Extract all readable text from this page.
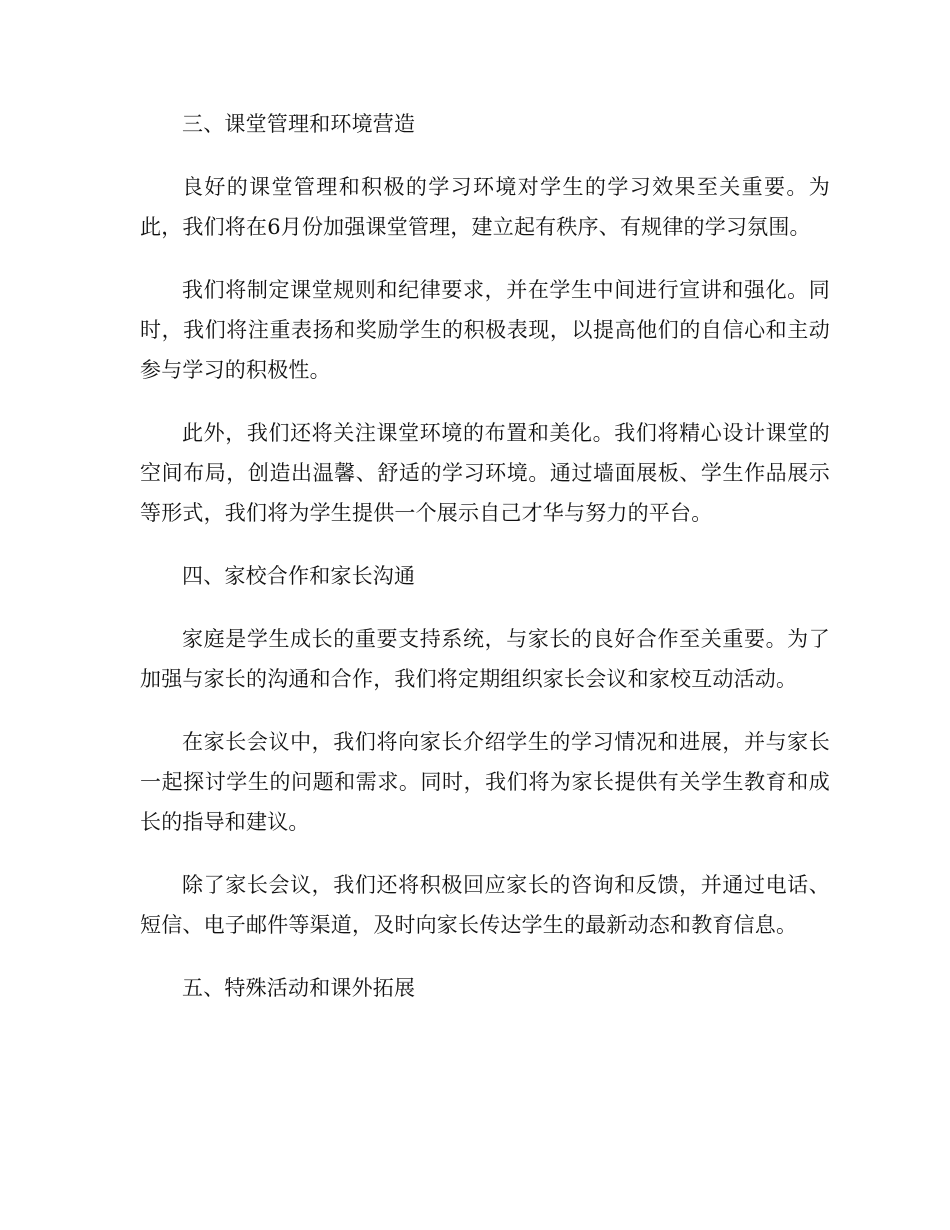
三、课堂管理和环境营造

良好的课堂管理和积极的学习环境对学生的学习效果至关重要。为此，我们将在6月份加强课堂管理，建立起有秩序、有规律的学习氛围。

我们将制定课堂规则和纪律要求，并在学生中间进行宣讲和强化。同时，我们将注重表扬和奖励学生的积极表现，以提高他们的自信心和主动参与学习的积极性。

此外，我们还将关注课堂环境的布置和美化。我们将精心设计课堂的空间布局，创造出温馨、舒适的学习环境。通过墙面展板、学生作品展示等形式，我们将为学生提供一个展示自己才华与努力的平台。

四、家校合作和家长沟通

家庭是学生成长的重要支持系统，与家长的良好合作至关重要。为了加强与家长的沟通和合作，我们将定期组织家长会议和家校互动活动。

在家长会议中，我们将向家长介绍学生的学习情况和进展，并与家长一起探讨学生的问题和需求。同时，我们将为家长提供有关学生教育和成长的指导和建议。

除了家长会议，我们还将积极回应家长的咨询和反馈，并通过电话、短信、电子邮件等渠道，及时向家长传达学生的最新动态和教育信息。

五、特殊活动和课外拓展
